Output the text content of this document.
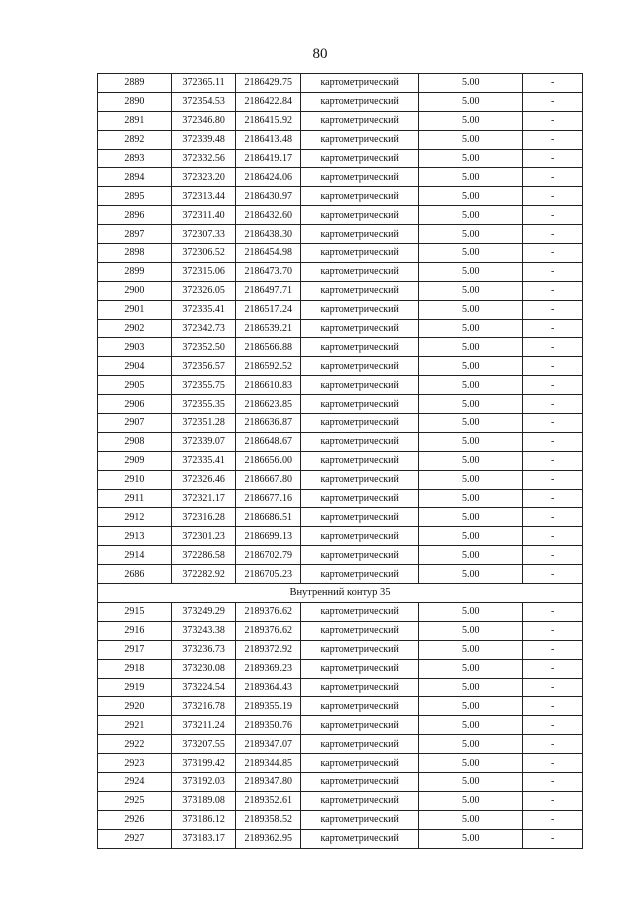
80
2889	372365.11	2186429.75	картометрический	5.00	-
2890	372354.53	2186422.84	картометрический	5.00	-
2891	372346.80	2186415.92	картометрический	5.00	-
2892	372339.48	2186413.48	картометрический	5.00	-
2893	372332.56	2186419.17	картометрический	5.00	-
2894	372323.20	2186424.06	картометрический	5.00	-
2895	372313.44	2186430.97	картометрический	5.00	-
2896	372311.40	2186432.60	картометрический	5.00	-
2897	372307.33	2186438.30	картометрический	5.00	-
2898	372306.52	2186454.98	картометрический	5.00	-
2899	372315.06	2186473.70	картометрический	5.00	-
2900	372326.05	2186497.71	картометрический	5.00	-
2901	372335.41	2186517.24	картометрический	5.00	-
2902	372342.73	2186539.21	картометрический	5.00	-
2903	372352.50	2186566.88	картометрический	5.00	-
2904	372356.57	2186592.52	картометрический	5.00	-
2905	372355.75	2186610.83	картометрический	5.00	-
2906	372355.35	2186623.85	картометрический	5.00	-
2907	372351.28	2186636.87	картометрический	5.00	-
2908	372339.07	2186648.67	картометрический	5.00	-
2909	372335.41	2186656.00	картометрический	5.00	-
2910	372326.46	2186667.80	картометрический	5.00	-
2911	372321.17	2186677.16	картометрический	5.00	-
2912	372316.28	2186686.51	картометрический	5.00	-
2913	372301.23	2186699.13	картометрический	5.00	-
2914	372286.58	2186702.79	картометрический	5.00	-
2686	372282.92	2186705.23	картометрический	5.00	-
Внутренний контур 35					
2915	373249.29	2189376.62	картометрический	5.00	-
2916	373243.38	2189376.62	картометрический	5.00	-
2917	373236.73	2189372.92	картометрический	5.00	-
2918	373230.08	2189369.23	картометрический	5.00	-
2919	373224.54	2189364.43	картометрический	5.00	-
2920	373216.78	2189355.19	картометрический	5.00	-
2921	373211.24	2189350.76	картометрический	5.00	-
2922	373207.55	2189347.07	картометрический	5.00	-
2923	373199.42	2189344.85	картометрический	5.00	-
2924	373192.03	2189347.80	картометрический	5.00	-
2925	373189.08	2189352.61	картометрический	5.00	-
2926	373186.12	2189358.52	картометрический	5.00	-
2927	373183.17	2189362.95	картометрический	5.00	-
